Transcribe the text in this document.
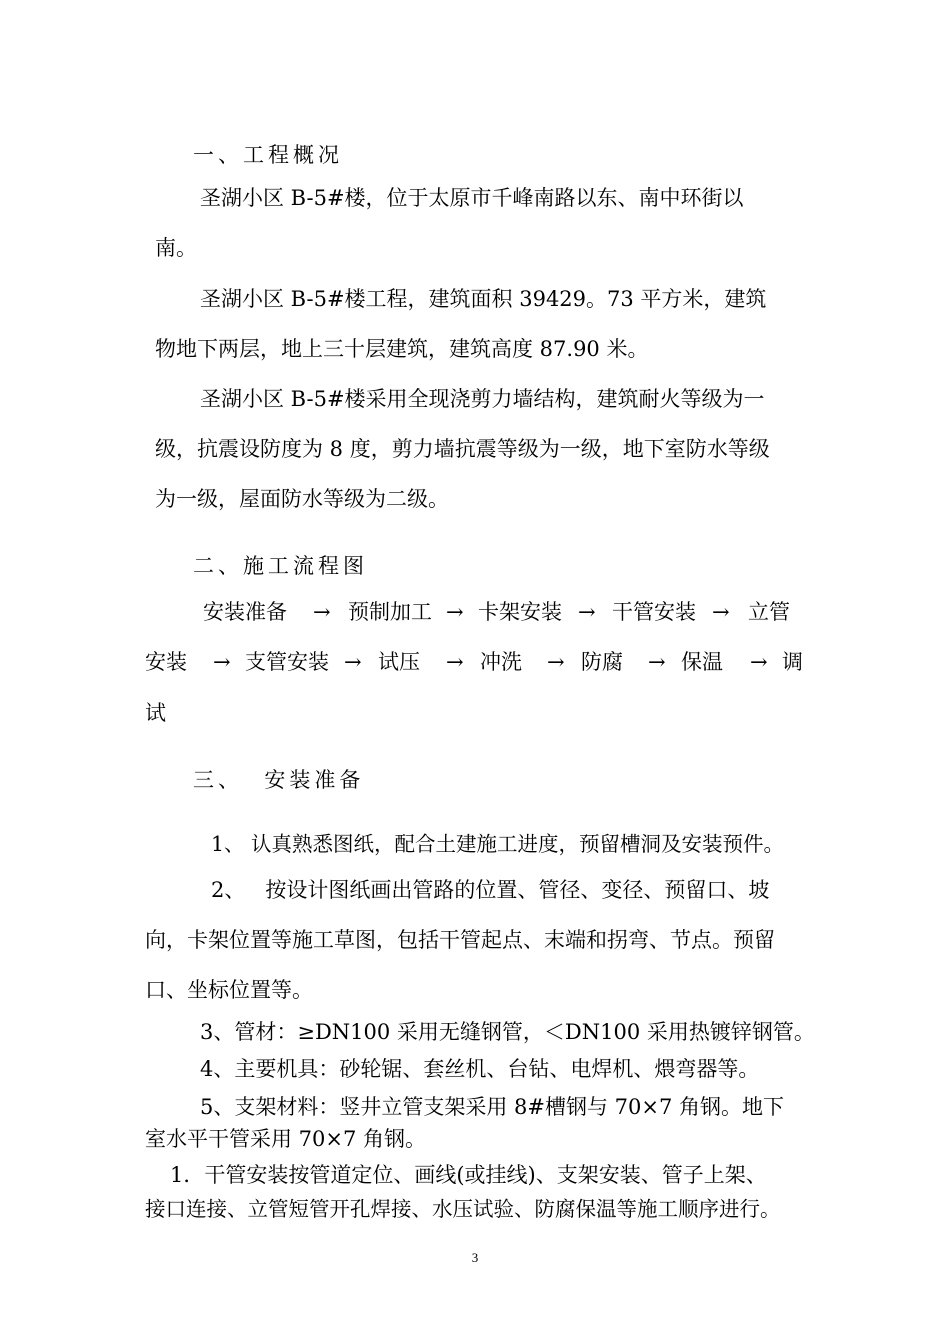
一、工程概况
圣湖小区 B-5#楼，位于太原市千峰南路以东、南中环街以
南。
圣湖小区 B-5#楼工程，建筑面积 39429。73 平方米，建筑
物地下两层，地上三十层建筑，建筑高度 87.90 米。
圣湖小区 B-5#楼采用全现浇剪力墙结构，建筑耐火等级为一
级，抗震设防度为 8 度，剪力墙抗震等级为一级，地下室防水等级
为一级，屋面防水等级为二级。
二、施工流程图
安装准备 → 预制加工 → 卡架安装 → 干管安装 → 立管
安装 → 支管安装 → 试压 → 冲洗 → 防腐 → 保温 → 调
试
三、  安装准备
1、 认真熟悉图纸，配合土建施工进度，预留槽洞及安装预件。
2、   按设计图纸画出管路的位置、管径、变径、预留口、坡
向，卡架位置等施工草图，包括干管起点、末端和拐弯、节点。预留
口、坐标位置等。
3、管材：≥DN100 采用无缝钢管，＜DN100 采用热镀锌钢管。
4、主要机具：砂轮锯、套丝机、台钻、电焊机、煨弯器等。
5、支架材料：竖井立管支架采用 8#槽钢与 70×7 角钢。地下
室水平干管采用 70×7 角钢。
1．干管安装按管道定位、画线(或挂线)、支架安装、管子上架、
接口连接、立管短管开孔焊接、水压试验、防腐保温等施工顺序进行。
3
